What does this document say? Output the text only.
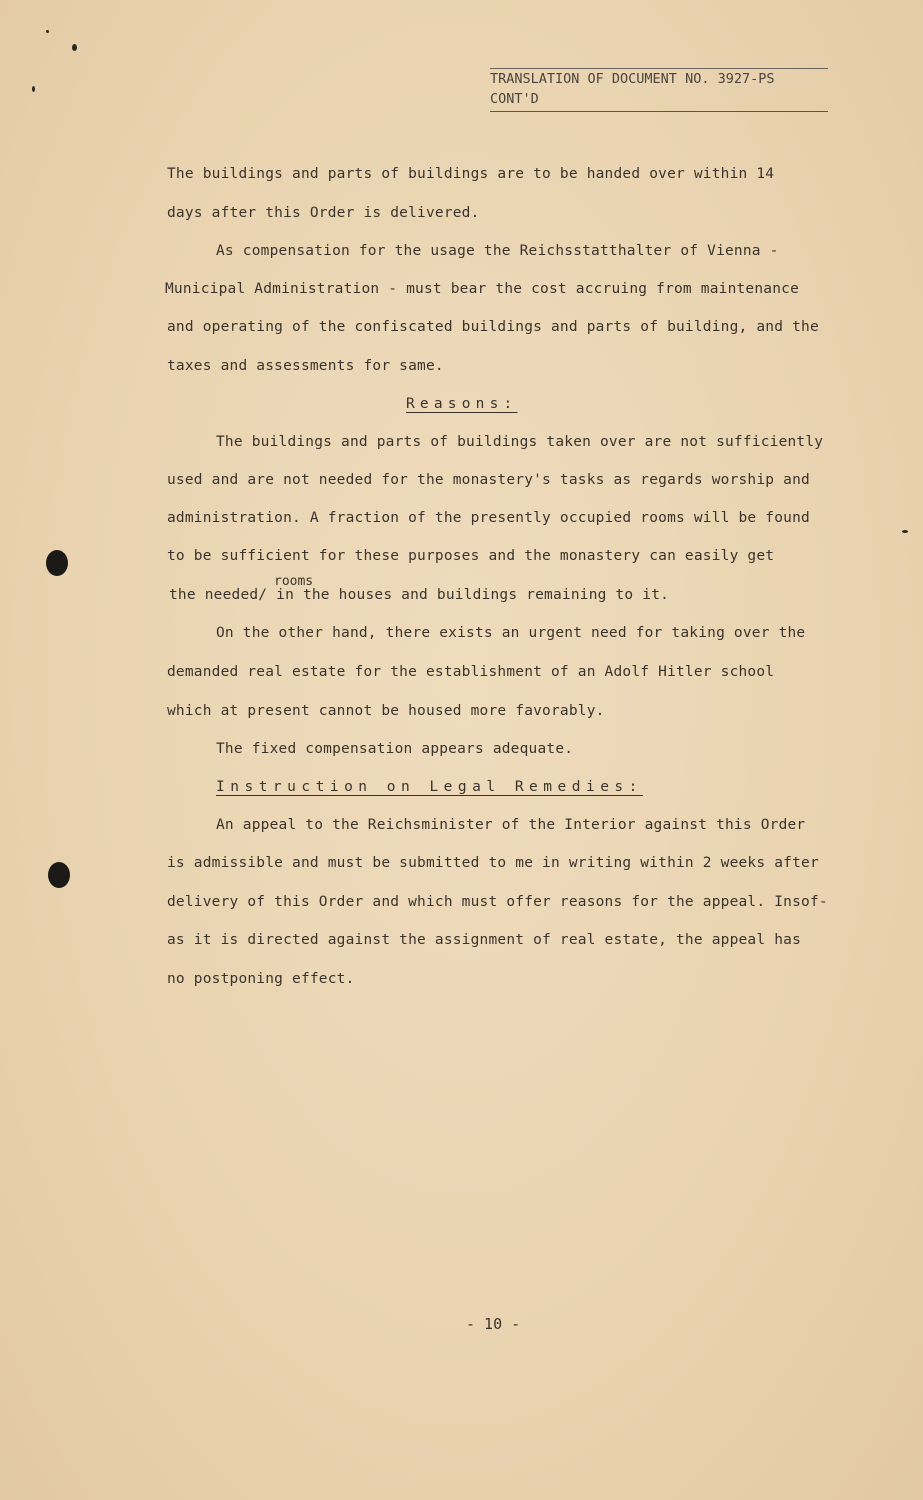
TRANSLATION OF DOCUMENT NO. 3927-PS
CONT'D
The buildings and parts of buildings are to be handed over within 14
days after this Order is delivered.
As compensation for the usage the Reichsstatthalter of Vienna -
Municipal Administration - must bear the cost accruing from maintenance
and operating of the confiscated buildings and parts of building, and the
taxes and assessments for same.
Reasons:
The buildings and parts of buildings taken over are not sufficiently
used and are not needed for the monastery's tasks as regards worship and
administration. A fraction of the presently occupied rooms will be found
to be sufficient for these purposes and the monastery can easily get
rooms
the needed/ in the houses and buildings remaining to it.
On the other hand, there exists an urgent need for taking over the
demanded real estate for the establishment of an Adolf Hitler school
which at present cannot be housed more favorably.
The fixed compensation appears adequate.
Instruction on Legal Remedies:
An appeal to the Reichsminister of the Interior against this Order
is admissible and must be submitted to me in writing within 2 weeks after
delivery of this Order and which must offer reasons for the appeal. Insof-
as it is directed against the assignment of real estate, the appeal has
no postponing effect.
- 10 -
